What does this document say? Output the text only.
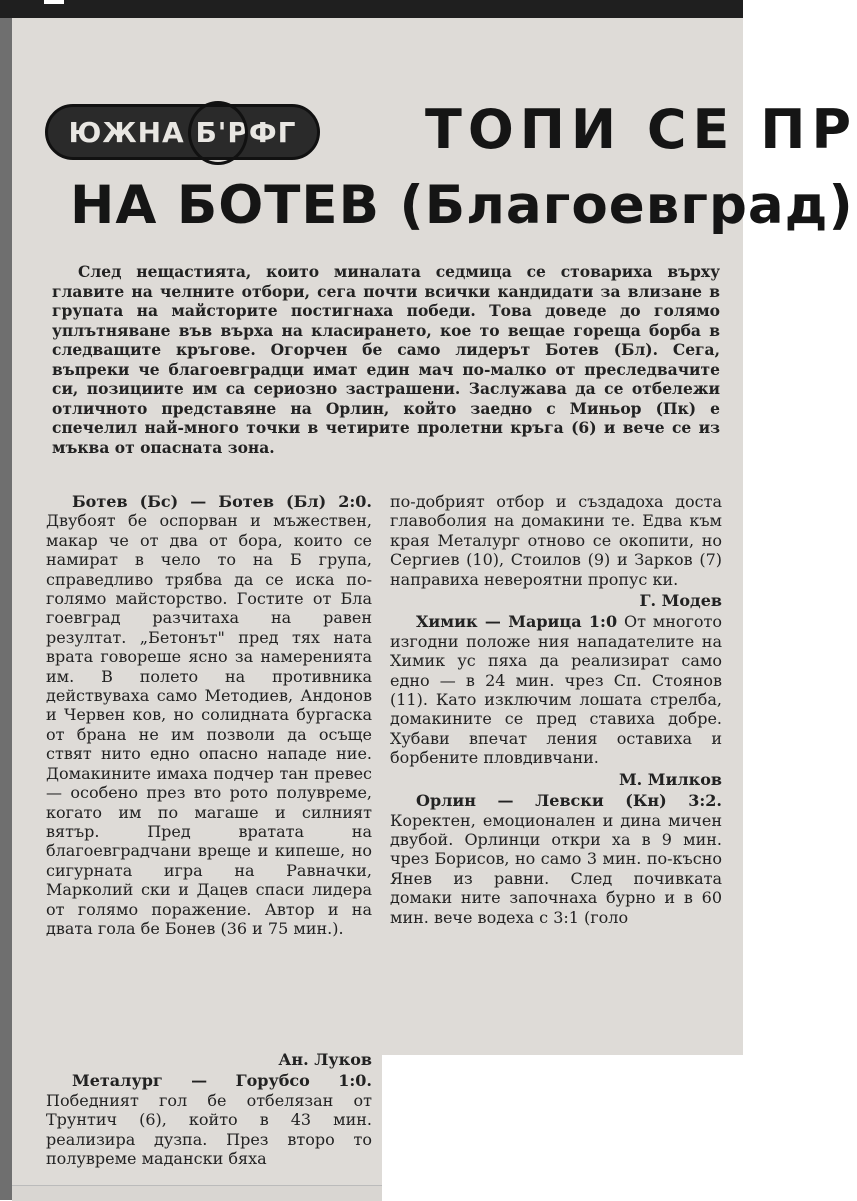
ЮЖНА Б'РФГ ТОПИ СЕ ПР
НА БОТЕВ (Благоевград)

След нещастията, които миналата седмица се стовариха върху главите на челните отбори, сега почти всички кандидати за влизане в групата на майсторите постигнаха победи. Това доведе до голямо уплътняване във върха на класирането, кое то вещае гореща борба в следващите кръгове. Огорчен бе само лидерът Ботев (Бл). Сега, въпреки че благоевградци имат един мач по-малко от преследвачите си, позициите им са сериозно застрашени. Заслужава да се отбележи отличното представяне на Орлин, който заедно с Миньор (Пк) е спечелил най-много точки в четирите пролетни кръга (6) и вече се из мъква от опасната зона.

Ботев (Бс) — Ботев (Бл) 2:0. Двубоят бе оспорван и мъжествен, макар че от два от бора, които се намират в чело то на Б група, справедливо трябва да се иска по-голямо майсторство. Гостите от Бла гоевград разчитаха на равен резултат. „Бетонът" пред тях ната врата говореше ясно за намеренията им. В полето на противника действуваха само Методиев, Андонов и Червен ков, но солидната бургаска от брана не им позволи да осъще ствят нито едно опасно нападе ние. Домакините имаха подчер тан превес — особено през вто рото полувреме, когато им по магаше и силният вятър. Пред вратата на благоевградчани врещe и кипеше, но сигурната игра на Равначки, Марколий ски и Дацев спаси лидера от голямо поражение. Автор и на двата гола бе Бонев (36 и 75 мин.).

Ан. Луков

Металург — Горубсо 1:0. Победният гол бе отбелязан от Трунтич (6), който в 43 мин. реализира дузпа. През второ то полувреме мадански бяха

по-добрият отбор и създадоха доста главоболия на домакини те. Едва към края Металург отново се окопити, но Сергиев (10), Стоилов (9) и Зарков (7) направиха невероятни пропус ки.

Г. Модев

Химик — Марица 1:0 От многото изгодни положе ния нападателите на Химик ус пяха да реализират само едно — в 24 мин. чрез Сп. Стоянов (11). Като изключим лошата стрелба, домакините се пред ставиха добре. Хубави впечат ления оставиха и борбените пловдивчани.

М. Милков

Орлин — Левски (Кн) 3:2. Коректен, емоционален и дина мичен двубой. Орлинци откри ха в 9 мин. чрез Борисов, но само 3 мин. по-късно Янев из равни. След почивката домаки ните започнаха бурно и в 60 мин. вече водеха с 3:1 (голо
